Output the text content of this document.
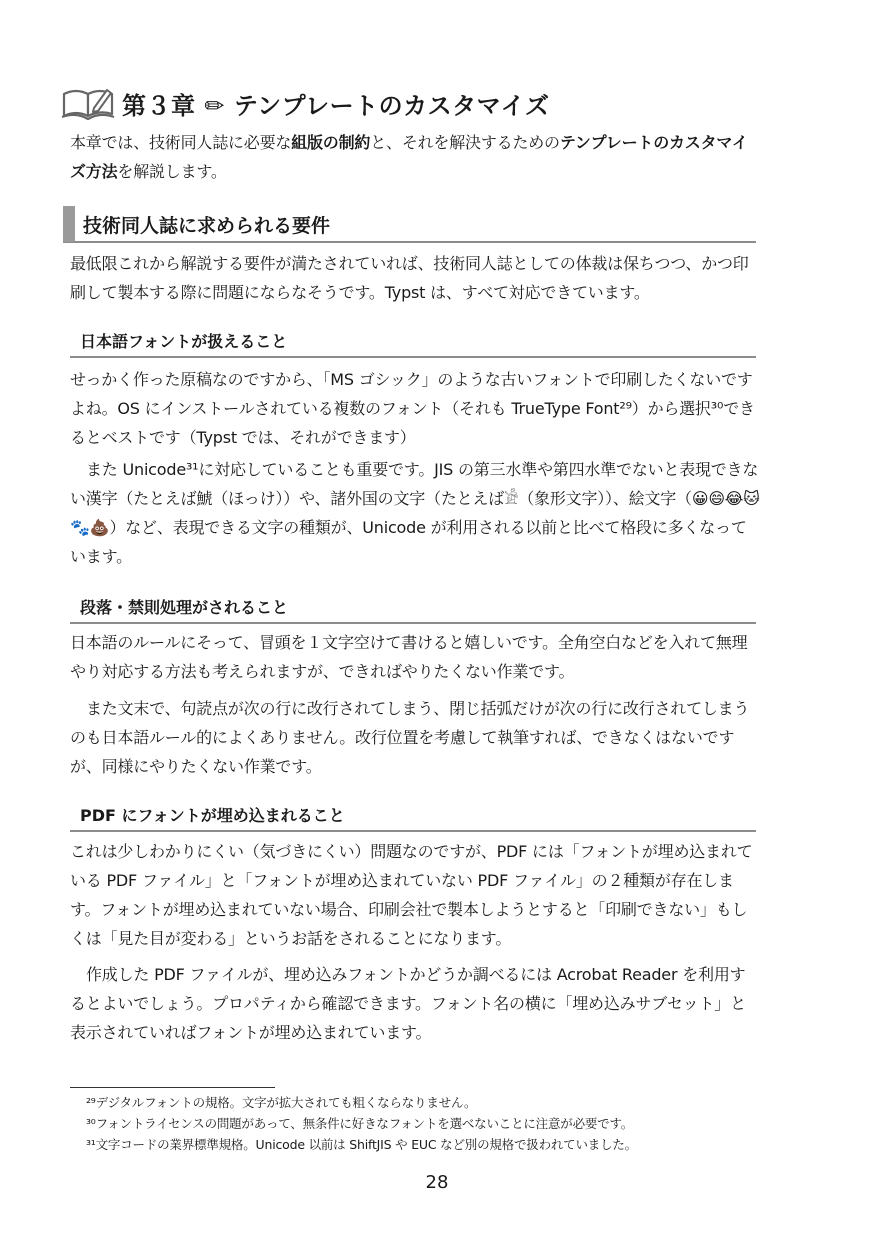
第３章 ✏ テンプレートのカスタマイズ

本章では、技術同人誌に必要な組版の制約と、それを解決するためのテンプレートのカスタマイズ方法を解説します。

技術同人誌に求められる要件

最低限これから解説する要件が満たされていれば、技術同人誌としての体裁は保ちつつ、かつ印刷して製本する際に問題にならなそうです。Typst は、すべて対応できています。

日本語フォントが扱えること

せっかく作った原稿なのですから、「MS ゴシック」のような古いフォントで印刷したくないですよね。OS にインストールされている複数のフォント（それも TrueType Font²⁹）から選択³⁰できるとベストです（Typst では、それができます）

また Unicode³¹に対応していることも重要です。JIS の第三水準や第四水準でないと表現できない漢字（たとえば鯱（ほっけ））や、諸外国の文字（たとえば𓀀（象形文字））、絵文字（😀😄😂🐱🐾💩）など、表現できる文字の種類が、Unicode が利用される以前と比べて格段に多くなっています。

段落・禁則処理がされること

日本語のルールにそって、冒頭を１文字空けて書けると嬉しいです。全角空白などを入れて無理やり対応する方法も考えられますが、できればやりたくない作業です。

また文末で、句読点が次の行に改行されてしまう、閉じ括弧だけが次の行に改行されてしまうのも日本語ルール的によくありません。改行位置を考慮して執筆すれば、できなくはないですが、同様にやりたくない作業です。

PDF にフォントが埋め込まれること

これは少しわかりにくい（気づきにくい）問題なのですが、PDF には「フォントが埋め込まれている PDF ファイル」と「フォントが埋め込まれていない PDF ファイル」の２種類が存在します。フォントが埋め込まれていない場合、印刷会社で製本しようとすると「印刷できない」もしくは「見た目が変わる」というお話をされることになります。

作成した PDF ファイルが、埋め込みフォントかどうか調べるには Acrobat Reader を利用するとよいでしょう。プロパティから確認できます。フォント名の横に「埋め込みサブセット」と表示されていればフォントが埋め込まれています。

²⁹デジタルフォントの規格。文字が拡大されても粗くならなりません。
³⁰フォントライセンスの問題があって、無条件に好きなフォントを選べないことに注意が必要です。
³¹文字コードの業界標準規格。Unicode 以前は ShiftJIS や EUC など別の規格で扱われていました。
28
